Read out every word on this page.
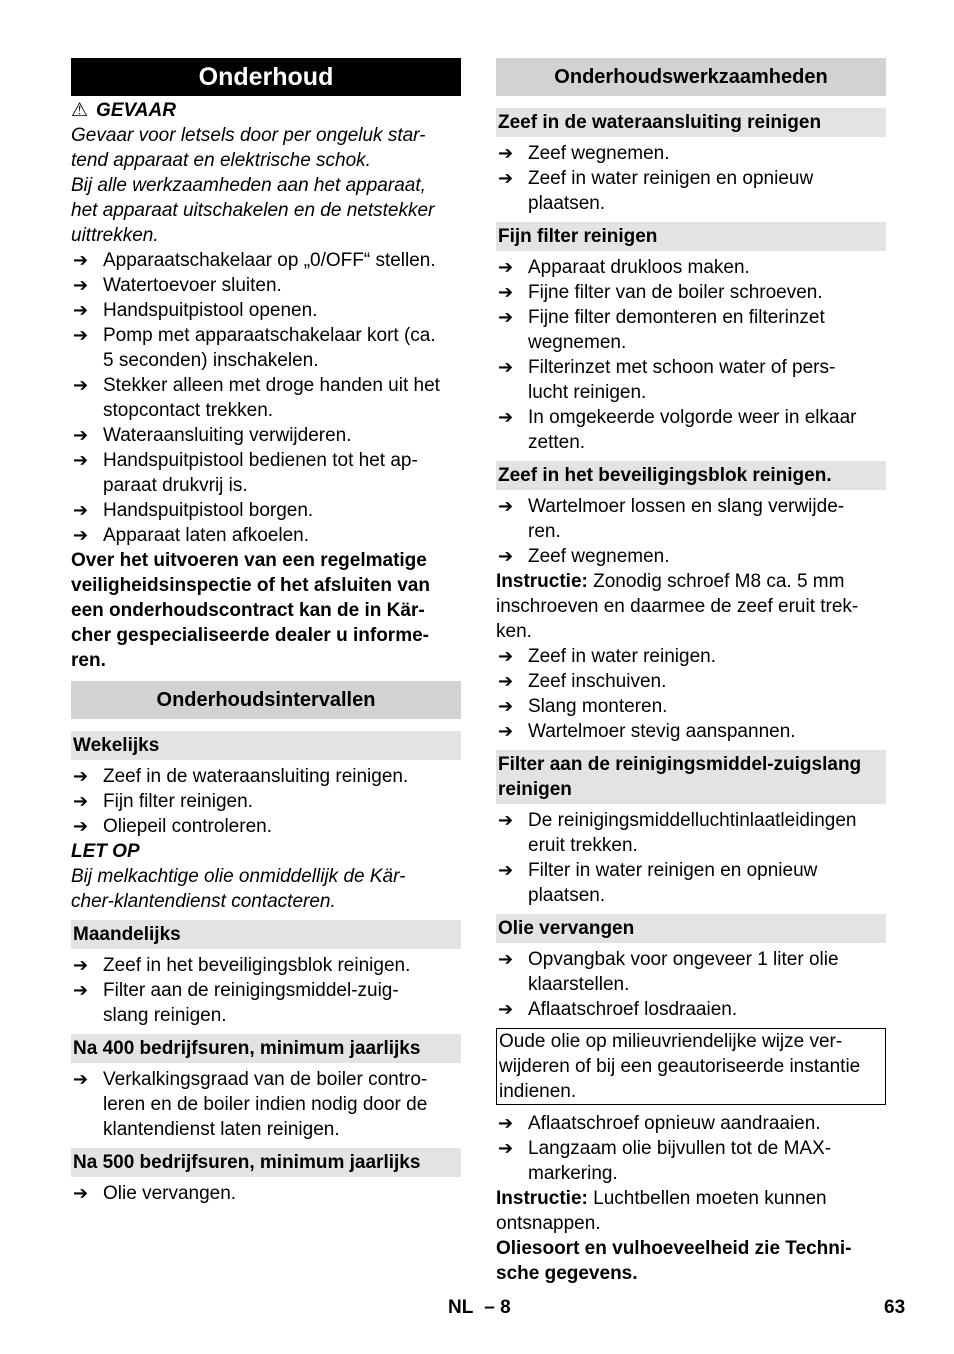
Onderhoud
⚠ GEVAAR
Gevaar voor letsels door per ongeluk star-
tend apparaat en elektrische schok.
Bij alle werkzaamheden aan het apparaat,
het apparaat uitschakelen en de netstekker
uittrekken.
➔ Apparaatschakelaar op „0/OFF“ stellen.
➔ Watertoevoer sluiten.
➔ Handspuitpistool openen.
➔ Pomp met apparaatschakelaar kort (ca.
5 seconden) inschakelen.
➔ Stekker alleen met droge handen uit het
stopcontact trekken.
➔ Wateraansluiting verwijderen.
➔ Handspuitpistool bedienen tot het ap-
paraat drukvrij is.
➔ Handspuitpistool borgen.
➔ Apparaat laten afkoelen.
Over het uitvoeren van een regelmatige
veiligheidsinspectie of het afsluiten van
een onderhoudscontract kan de in Kär-
cher gespecialiseerde dealer u informe-
ren.
Onderhoudsintervallen
Wekelijks
➔ Zeef in de wateraansluiting reinigen.
➔ Fijn filter reinigen.
➔ Oliepeil controleren.
LET OP
Bij melkachtige olie onmiddellijk de Kär-
cher-klantendienst contacteren.
Maandelijks
➔ Zeef in het beveiligingsblok reinigen.
➔ Filter aan de reinigingsmiddel-zuig-
slang reinigen.
Na 400 bedrijfsuren, minimum jaarlijks
➔ Verkalkingsgraad van de boiler contro-
leren en de boiler indien nodig door de
klantendienst laten reinigen.
Na 500 bedrijfsuren, minimum jaarlijks
➔ Olie vervangen.
Onderhoudswerkzaamheden
Zeef in de wateraansluiting reinigen
➔ Zeef wegnemen.
➔ Zeef in water reinigen en opnieuw
plaatsen.
Fijn filter reinigen
➔ Apparaat drukloos maken.
➔ Fijne filter van de boiler schroeven.
➔ Fijne filter demonteren en filterinzet
wegnemen.
➔ Filterinzet met schoon water of pers-
lucht reinigen.
➔ In omgekeerde volgorde weer in elkaar
zetten.
Zeef in het beveiligingsblok reinigen.
➔ Wartelmoer lossen en slang verwijde-
ren.
➔ Zeef wegnemen.
Instructie: Zonodig schroef M8 ca. 5 mm
inschroeven en daarmee de zeef eruit trek-
ken.
➔ Zeef in water reinigen.
➔ Zeef inschuiven.
➔ Slang monteren.
➔ Wartelmoer stevig aanspannen.
Filter aan de reinigingsmiddel-zuigslang
reinigen
➔ De reinigingsmiddelluchtinlaatleidingen
eruit trekken.
➔ Filter in water reinigen en opnieuw
plaatsen.
Olie vervangen
➔ Opvangbak voor ongeveer 1 liter olie
klaarstellen.
➔ Aflaatschroef losdraaien.
Oude olie op milieuvriendelijke wijze ver-
wijderen of bij een geautoriseerde instantie
indienen.
➔ Aflaatschroef opnieuw aandraaien.
➔ Langzaam olie bijvullen tot de MAX-
markering.
Instructie: Luchtbellen moeten kunnen
ontsnappen.
Oliesoort en vulhoeveelheid zie Techni-
sche gegevens.
NL – 8	63
